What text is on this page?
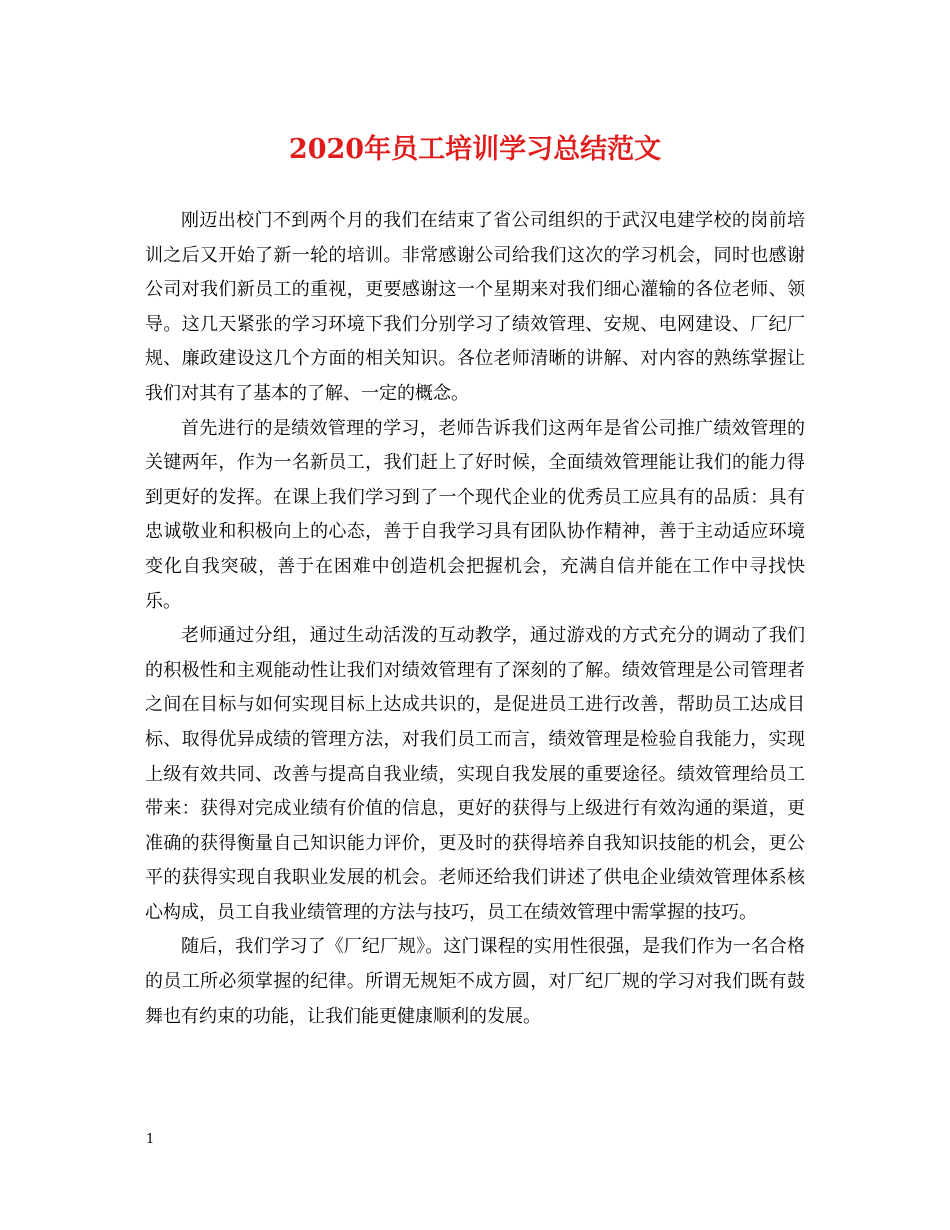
2020年员工培训学习总结范文

刚迈出校门不到两个月的我们在结束了省公司组织的于武汉电建学校的岗前培训之后又开始了新一轮的培训。非常感谢公司给我们这次的学习机会，同时也感谢公司对我们新员工的重视，更要感谢这一个星期来对我们细心灌输的各位老师、领导。这几天紧张的学习环境下我们分别学习了绩效管理、安规、电网建设、厂纪厂规、廉政建设这几个方面的相关知识。各位老师清晰的讲解、对内容的熟练掌握让我们对其有了基本的了解、一定的概念。

首先进行的是绩效管理的学习，老师告诉我们这两年是省公司推广绩效管理的关键两年，作为一名新员工，我们赶上了好时候，全面绩效管理能让我们的能力得到更好的发挥。在课上我们学习到了一个现代企业的优秀员工应具有的品质：具有忠诚敬业和积极向上的心态，善于自我学习具有团队协作精神，善于主动适应环境变化自我突破，善于在困难中创造机会把握机会，充满自信并能在工作中寻找快乐。

老师通过分组，通过生动活泼的互动教学，通过游戏的方式充分的调动了我们的积极性和主观能动性让我们对绩效管理有了深刻的了解。绩效管理是公司管理者之间在目标与如何实现目标上达成共识的，是促进员工进行改善，帮助员工达成目标、取得优异成绩的管理方法，对我们员工而言，绩效管理是检验自我能力，实现上级有效共同、改善与提高自我业绩，实现自我发展的重要途径。绩效管理给员工带来：获得对完成业绩有价值的信息，更好的获得与上级进行有效沟通的渠道，更准确的获得衡量自己知识能力评价，更及时的获得培养自我知识技能的机会，更公平的获得实现自我职业发展的机会。老师还给我们讲述了供电企业绩效管理体系核心构成，员工自我业绩管理的方法与技巧，员工在绩效管理中需掌握的技巧。

随后，我们学习了《厂纪厂规》。这门课程的实用性很强，是我们作为一名合格的员工所必须掌握的纪律。所谓无规矩不成方圆，对厂纪厂规的学习对我们既有鼓舞也有约束的功能，让我们能更健康顺利的发展。

1
